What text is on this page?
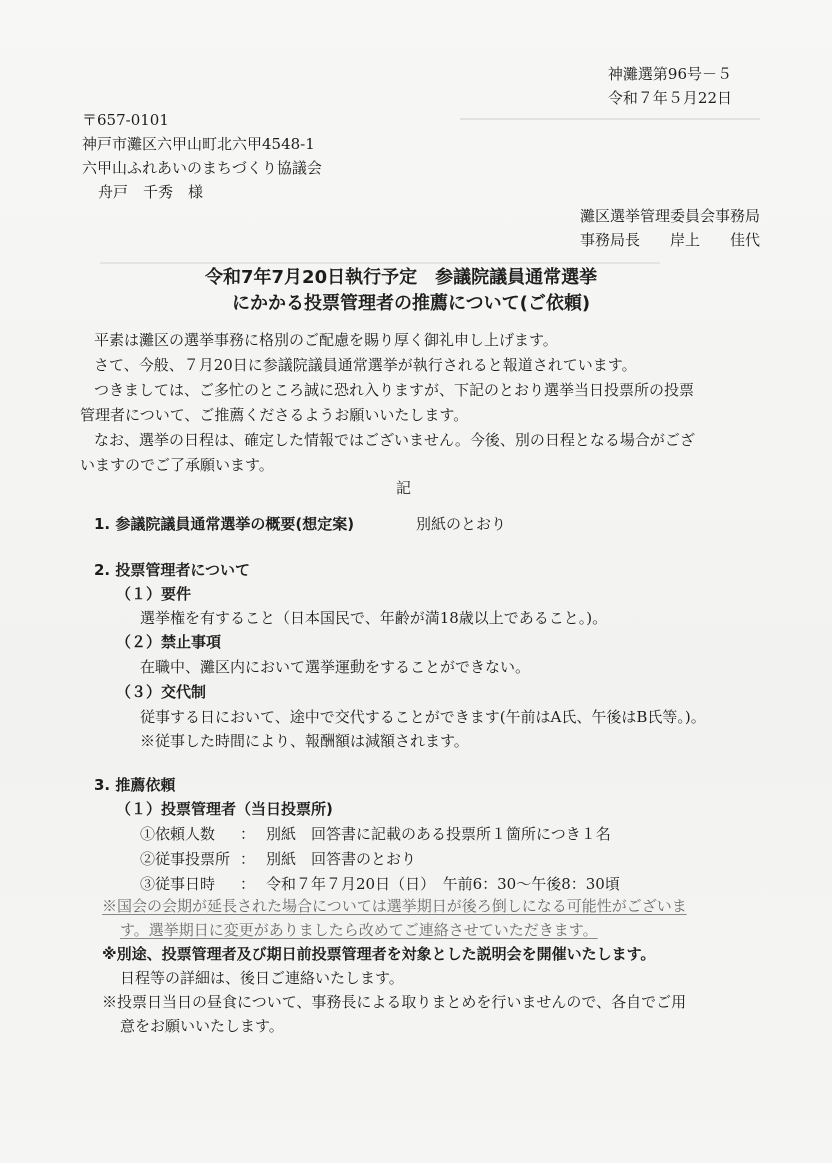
神灘選第96号－５
令和７年５月22日
〒657-0101
神戸市灘区六甲山町北六甲4548-1
六甲山ふれあいのまちづくり協議会
舟戸　千秀　様
灘区選挙管理委員会事務局
事務局長　　岸上　　佳代
令和7年7月20日執行予定　参議院議員通常選挙
にかかる投票管理者の推薦について(ご依頼)
平素は灘区の選挙事務に格別のご配慮を賜り厚く御礼申し上げます。
さて、今般、７月20日に参議院議員通常選挙が執行されると報道されています。
つきましては、ご多忙のところ誠に恐れ入りますが、下記のとおり選挙当日投票所の投票
管理者について、ご推薦くださるようお願いいたします。
なお、選挙の日程は、確定した情報ではございません。今後、別の日程となる場合がござ
いますのでご了承願います。
記
1. 参議院議員通常選挙の概要(想定案)	別紙のとおり
2. 投票管理者について
（１）要件
選挙権を有すること（日本国民で、年齢が満18歳以上であること。)。
（２）禁止事項
在職中、灘区内において選挙運動をすることができない。
（３）交代制
従事する日において、途中で交代することができます(午前はA氏、午後はB氏等。)。
※従事した時間により、報酬額は減額されます。
3. 推薦依頼
（１）投票管理者（当日投票所)
①依頼人数 ： 別紙　回答書に記載のある投票所１箇所につき１名
②従事投票所 ： 別紙　回答書のとおり
③従事日時 ： 令和７年７月20日（日）　午前6：30～午後8：30頃
※国会の会期が延長された場合については選挙期日が後ろ倒しになる可能性がございま
す。選挙期日に変更がありましたら改めてご連絡させていただきます。
※別途、投票管理者及び期日前投票管理者を対象とした説明会を開催いたします。
日程等の詳細は、後日ご連絡いたします。
※投票日当日の昼食について、事務長による取りまとめを行いませんので、各自でご用
意をお願いいたします。
